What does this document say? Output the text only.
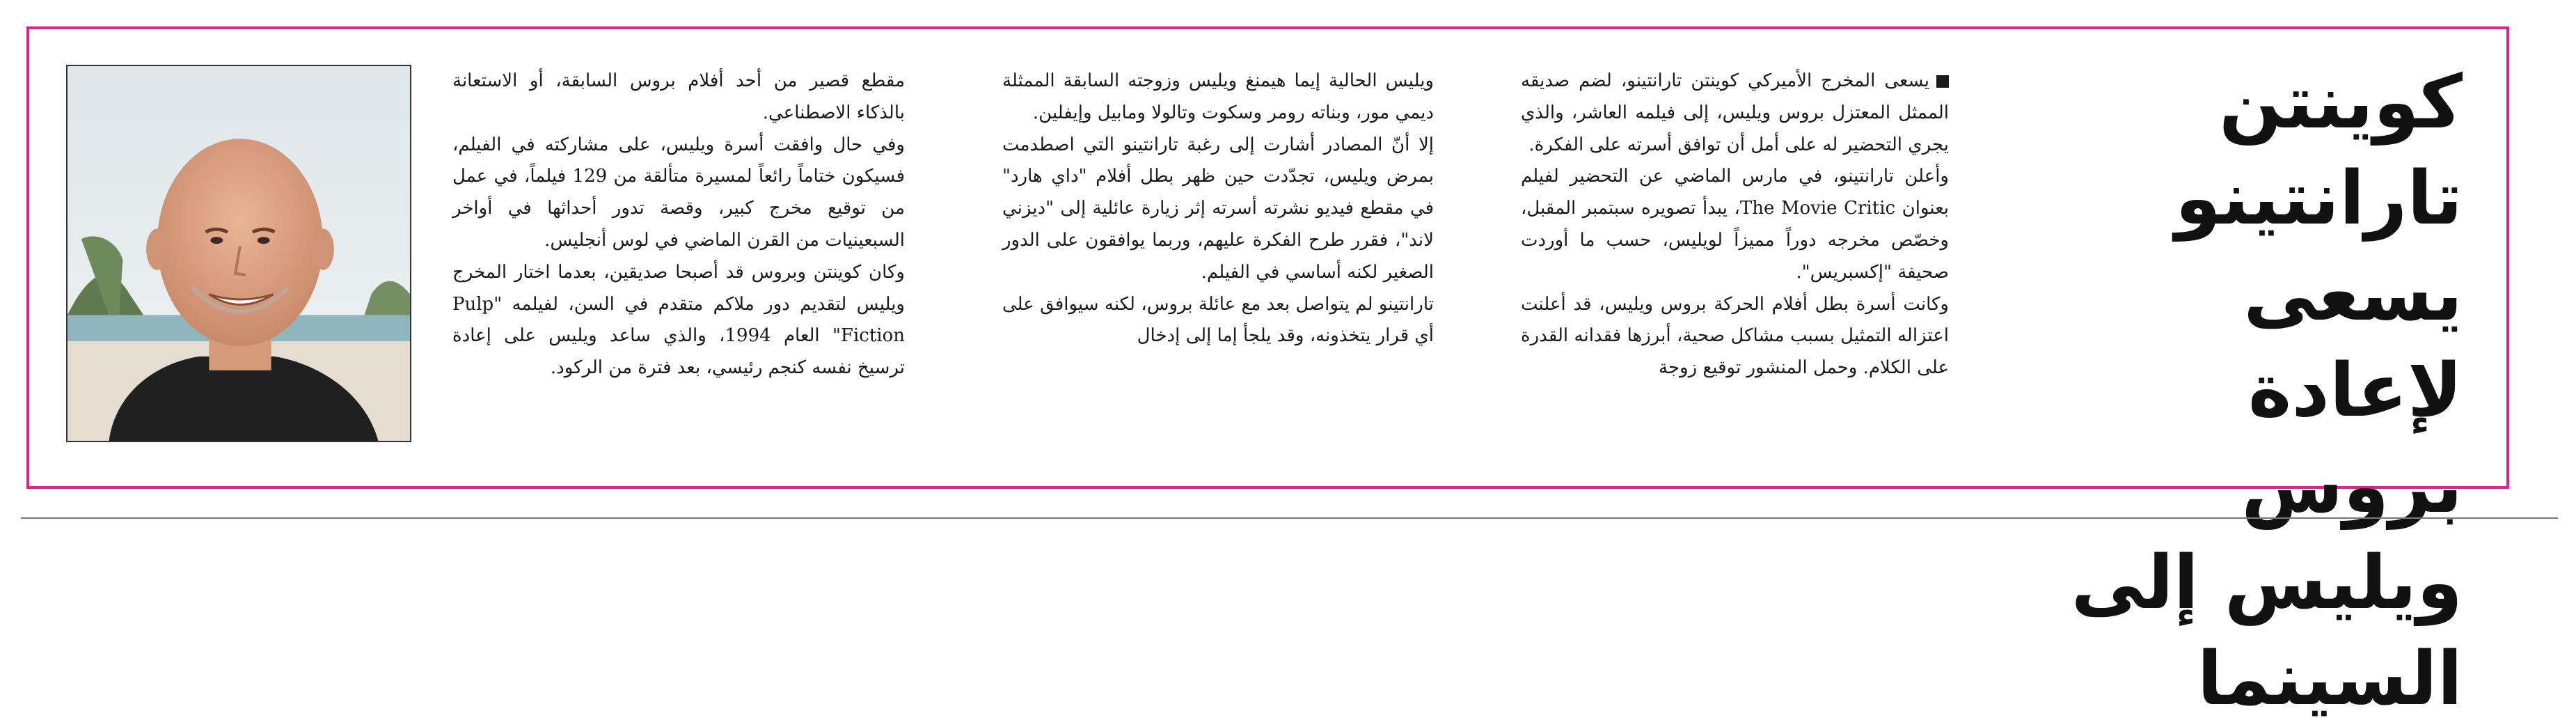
كوينتن تارانتينو يسعى لإعادة بروس ويليس إلى السينما

يسعى المخرج الأميركي كوينتن تارانتينو، لضم صديقه الممثل المعتزل بروس ويليس، إلى فيلمه العاشر، والذي يجري التحضير له على أمل أن توافق أسرته على الفكرة.

وأعلن تارانتينو، في مارس الماضي عن التحضير لفيلم بعنوان The Movie Critic، يبدأ تصويره سبتمبر المقبل، وخصّص مخرجه دوراً مميزاً لويليس، حسب ما أوردت صحيفة "إكسبريس".

وكانت أسرة بطل أفلام الحركة بروس ويليس، قد أعلنت اعتزاله التمثيل بسبب مشاكل صحية، أبرزها فقدانه القدرة على الكلام. وحمل المنشور توقيع زوجة

ويليس الحالية إيما هيمنغ ويليس وزوجته السابقة الممثلة ديمي مور، وبناته رومر وسكوت وتالولا ومابيل وإيفلين.

إلا أنّ المصادر أشارت إلى رغبة تارانتينو التي اصطدمت بمرض ويليس، تجدّدت حين ظهر بطل أفلام "داي هارد" في مقطع فيديو نشرته أسرته إثر زيارة عائلية إلى "ديزني لاند"، فقرر طرح الفكرة عليهم، وربما يوافقون على الدور الصغير لكنه أساسي في الفيلم.

تارانتينو لم يتواصل بعد مع عائلة بروس، لكنه سيوافق على أي قرار يتخذونه، وقد يلجأ إما إلى إدخال

مقطع قصير من أحد أفلام بروس السابقة، أو الاستعانة بالذكاء الاصطناعي.

وفي حال وافقت أسرة ويليس، على مشاركته في الفيلم، فسيكون ختاماً رائعاً لمسيرة متألقة من 129 فيلماً، في عمل من توقيع مخرج كبير، وقصة تدور أحداثها في أواخر السبعينيات من القرن الماضي في لوس أنجليس.

وكان كوينتن وبروس قد أصبحا صديقين، بعدما اختار المخرج ويليس لتقديم دور ملاكم متقدم في السن، لفيلمه "Pulp Fiction" العام 1994، والذي ساعد ويليس على إعادة ترسيخ نفسه كنجم رئيسي، بعد فترة من الركود.
